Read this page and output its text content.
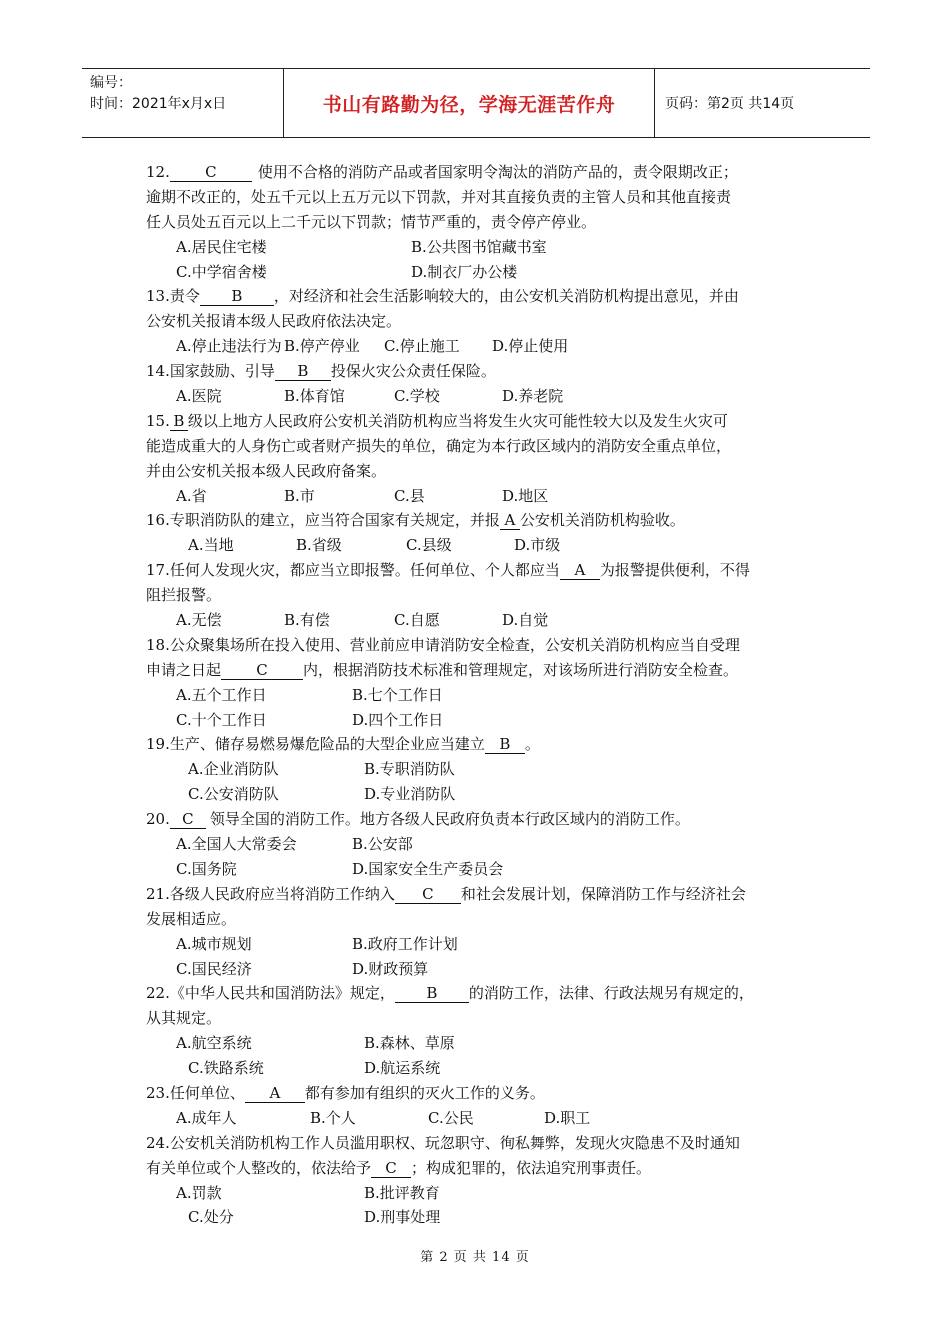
编号：
时间：2021年x月x日	书山有路勤为径，学海无涯苦作舟	页码：第2页 共14页
12. C	使用不合格的消防产品或者国家明令淘汰的消防产品的，责令限期改正；
逾期不改正的，处五千元以上五万元以下罚款，并对其直接负责的主管人员和其他直接责
任人员处五百元以上二千元以下罚款；情节严重的，责令停产停业。
A.居民住宅楼	B.公共图书馆藏书室
C.中学宿舍楼	D.制衣厂办公楼
13.责令 B ，对经济和社会生活影响较大的，由公安机关消防机构提出意见，并由
公安机关报请本级人民政府依法决定。
A.停止违法行为 B.停产停业 C.停止施工 D.停止使用
14.国家鼓励、引导 B 投保火灾公众责任保险。
A.医院	B.体育馆	C.学校	D.养老院
15. B 级以上地方人民政府公安机关消防机构应当将发生火灾可能性较大以及发生火灾可
能造成重大的人身伤亡或者财产损失的单位，确定为本行政区域内的消防安全重点单位，
并由公安机关报本级人民政府备案。
A.省	B.市	C.县	D.地区
16.专职消防队的建立，应当符合国家有关规定，并报 A 公安机关消防机构验收。
A.当地	B.省级	C.县级	D.市级
17.任何人发现火灾，都应当立即报警。任何单位、个人都应当 A 为报警提供便利，不得
阻拦报警。
A.无偿	B.有偿	C.自愿	D.自觉
18.公众聚集场所在投入使用、营业前应申请消防安全检查，公安机关消防机构应当自受理
申请之日起 C 内，根据消防技术标准和管理规定，对该场所进行消防安全检查。
A.五个工作日	B.七个工作日
C.十个工作日	D.四个工作日
19.生产、储存易燃易爆危险品的大型企业应当建立 B 。
A.企业消防队	B.专职消防队
C.公安消防队	D.专业消防队
20. C 领导全国的消防工作。地方各级人民政府负责本行政区域内的消防工作。
A.全国人大常委会	B.公安部
C.国务院	D.国家安全生产委员会
21.各级人民政府应当将消防工作纳入 C 和社会发展计划，保障消防工作与经济社会
发展相适应。
A.城市规划	B.政府工作计划
C.国民经济	D.财政预算
22.《中华人民共和国消防法》规定， B 的消防工作，法律、行政法规另有规定的，
从其规定。
A.航空系统	B.森林、草原
C.铁路系统	D.航运系统
23.任何单位、 A 都有参加有组织的灭火工作的义务。
A.成年人	B.个人	C.公民	D.职工
24.公安机关消防机构工作人员滥用职权、玩忽职守、徇私舞弊，发现火灾隐患不及时通知
有关单位或个人整改的，依法给予 C ；构成犯罪的，依法追究刑事责任。
A.罚款	B.批评教育
C.处分	D.刑事处理
第 2 页 共 14 页
